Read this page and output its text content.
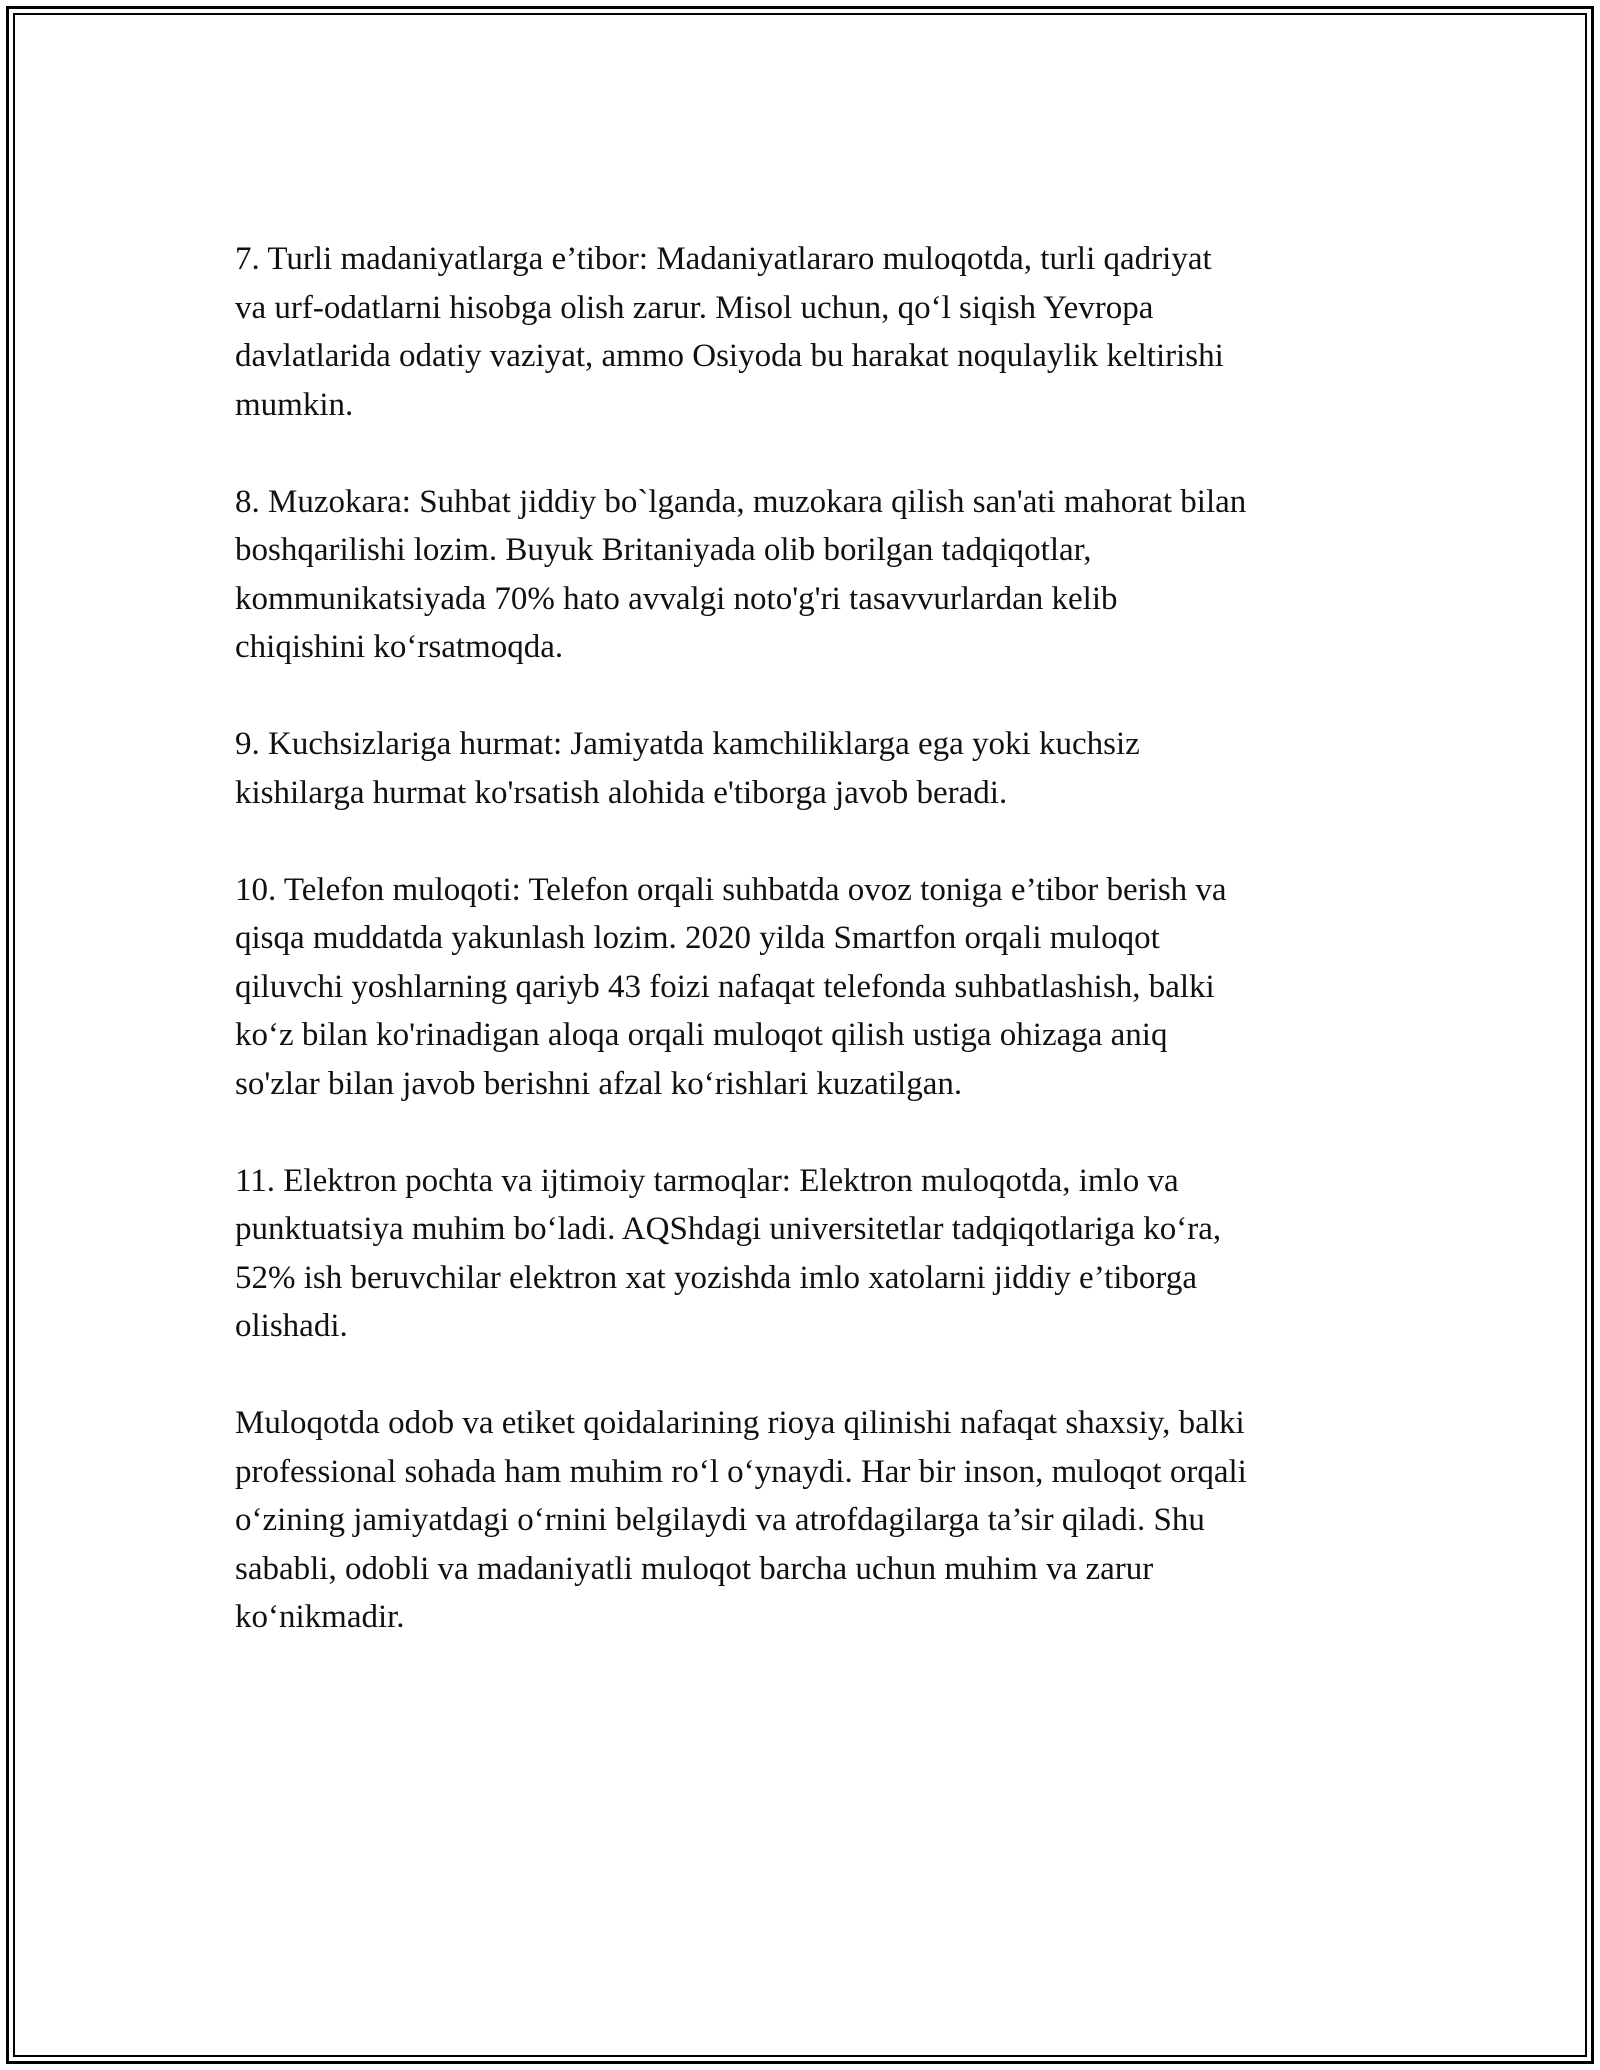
7. Turli madaniyatlarga e’tibor: Madaniyatlararo muloqotda, turli qadriyat
va urf-odatlarni hisobga olish zarur. Misol uchun, qo‘l siqish Yevropa
davlatlarida odatiy vaziyat, ammo Osiyoda bu harakat noqulaylik keltirishi
mumkin.

8. Muzokara: Suhbat jiddiy bo`lganda, muzokara qilish san'ati mahorat bilan
boshqarilishi lozim. Buyuk Britaniyada olib borilgan tadqiqotlar,
kommunikatsiyada 70% hato avvalgi noto'g'ri tasavvurlardan kelib
chiqishini ko‘rsatmoqda.

9. Kuchsizlariga hurmat: Jamiyatda kamchiliklarga ega yoki kuchsiz
kishilarga hurmat ko'rsatish alohida e'tiborga javob beradi.

10. Telefon muloqoti: Telefon orqali suhbatda ovoz toniga e’tibor berish va
qisqa muddatda yakunlash lozim. 2020 yilda Smartfon orqali muloqot
qiluvchi yoshlarning qariyb 43 foizi nafaqat telefonda suhbatlashish, balki
ko‘z bilan ko'rinadigan aloqa orqali muloqot qilish ustiga ohizaga aniq
so'zlar bilan javob berishni afzal ko‘rishlari kuzatilgan.

11. Elektron pochta va ijtimoiy tarmoqlar: Elektron muloqotda, imlo va
punktuatsiya muhim bo‘ladi. AQShdagi universitetlar tadqiqotlariga ko‘ra,
52% ish beruvchilar elektron xat yozishda imlo xatolarni jiddiy e’tiborga
olishadi.

Muloqotda odob va etiket qoidalarining rioya qilinishi nafaqat shaxsiy, balki
professional sohada ham muhim ro‘l o‘ynaydi. Har bir inson, muloqot orqali
o‘zining jamiyatdagi o‘rnini belgilaydi va atrofdagilarga ta’sir qiladi. Shu
sababli, odobli va madaniyatli muloqot barcha uchun muhim va zarur
ko‘nikmadir.
